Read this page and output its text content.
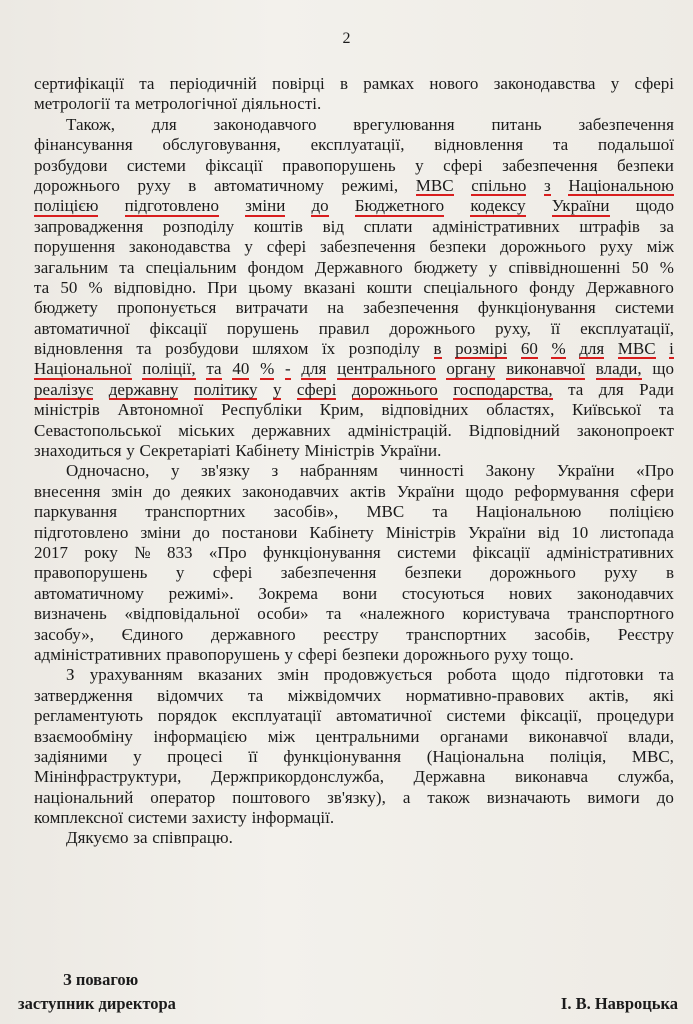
2
сертифікації та періодичній повірці в рамках нового законодавства у сфері
метрології та метрологічної діяльності.
Також, для законодавчого врегулювання питань забезпечення
фінансування обслуговування, експлуатації, відновлення та подальшої
розбудови системи фіксації правопорушень у сфері забезпечення безпеки
дорожнього руху в автоматичному режимі, МВС спільно з Національною
поліцією підготовлено зміни до Бюджетного кодексу України щодо
запровадження розподілу коштів від сплати адміністративних штрафів за
порушення законодавства у сфері забезпечення безпеки дорожнього руху між
загальним та спеціальним фондом Державного бюджету у співвідношенні 50 %
та 50 % відповідно. При цьому вказані кошти спеціального фонду Державного
бюджету пропонується витрачати на забезпечення функціонування системи
автоматичної фіксації порушень правил дорожнього руху, її експлуатації,
відновлення та розбудови шляхом їх розподілу в розмірі 60 % для МВС і
Національної поліції, та 40 % - для центрального органу виконавчої влади, що
реалізує державну політику у сфері дорожнього господарства, та для Ради
міністрів Автономної Республіки Крим, відповідних областях, Київської та
Севастопольської міських державних адміністрацій. Відповідний законопроект
знаходиться у Секретаріаті Кабінету Міністрів України.
Одночасно, у зв'язку з набранням чинності Закону України «Про
внесення змін до деяких законодавчих актів України щодо реформування сфери
паркування транспортних засобів», МВС та Національною поліцією
підготовлено зміни до постанови Кабінету Міністрів України від 10 листопада
2017 року № 833 «Про функціонування системи фіксації адміністративних
правопорушень у сфері забезпечення безпеки дорожнього руху в
автоматичному режимі». Зокрема вони стосуються нових законодавчих
визначень «відповідальної особи» та «належного користувача транспортного
засобу», Єдиного державного реєстру транспортних засобів, Реєстру
адміністративних правопорушень у сфері безпеки дорожнього руху тощо.
З урахуванням вказаних змін продовжується робота щодо підготовки та
затвердження відомчих та міжвідомчих нормативно-правових актів, які
регламентують порядок експлуатації автоматичної системи фіксації, процедури
взаємообміну інформацією між центральними органами виконавчої влади,
задіяними у процесі її функціонування (Національна поліція, МВС,
Мінінфраструктури, Держприкордонслужба, Державна виконавча служба,
національний оператор поштового зв'язку), а також визначають вимоги до
комплексної системи захисту інформації.
Дякуємо за співпрацю.
З повагою
заступник директора	І. В. Навроцька
